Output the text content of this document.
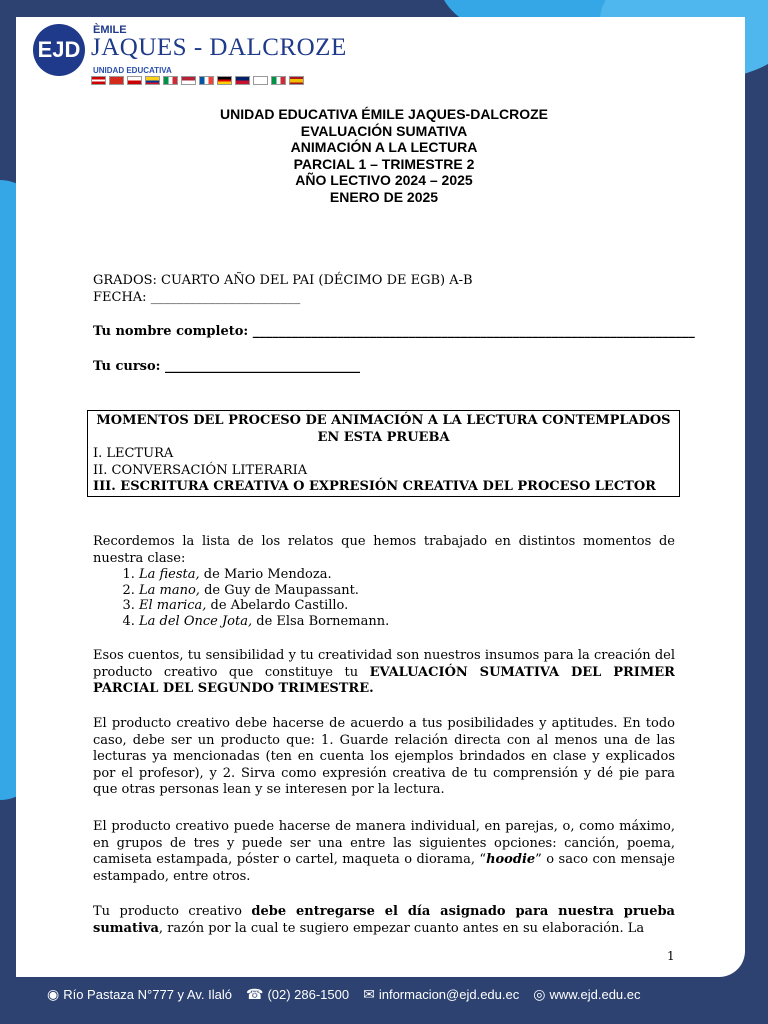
EJD
ÈMILE
JAQUES - DALCROZE
UNIDAD EDUCATIVA
UNIDAD EDUCATIVA ÉMILE JAQUES-DALCROZE
EVALUACIÓN SUMATIVA
ANIMACIÓN A LA LECTURA
PARCIAL 1 – TRIMESTRE 2
AÑO LECTIVO 2024 – 2025
ENERO DE 2025
GRADOS: CUARTO AÑO DEL PAI (DÉCIMO DE EGB) A-B
FECHA: _______________________
Tu nombre completo: ____________________________________________________________________
Tu curso: ______________________________
MOMENTOS DEL PROCESO DE ANIMACIÓN A LA LECTURA CONTEMPLADOS EN ESTA PRUEBA
I. LECTURA
II. CONVERSACIÓN LITERARIA
III. ESCRITURA CREATIVA O EXPRESIÓN CREATIVA DEL PROCESO LECTOR
Recordemos la lista de los relatos que hemos trabajado en distintos momentos de nuestra clase:
1. La fiesta, de Mario Mendoza.
2. La mano, de Guy de Maupassant.
3. El marica, de Abelardo Castillo.
4. La del Once Jota, de Elsa Bornemann.
Esos cuentos, tu sensibilidad y tu creatividad son nuestros insumos para la creación del producto creativo que constituye tu EVALUACIÓN SUMATIVA DEL PRIMER PARCIAL DEL SEGUNDO TRIMESTRE.
El producto creativo debe hacerse de acuerdo a tus posibilidades y aptitudes. En todo caso, debe ser un producto que: 1. Guarde relación directa con al menos una de las lecturas ya mencionadas (ten en cuenta los ejemplos brindados en clase y explicados por el profesor), y 2. Sirva como expresión creativa de tu comprensión y dé pie para que otras personas lean y se interesen por la lectura.
El producto creativo puede hacerse de manera individual, en parejas, o, como máximo, en grupos de tres y puede ser una entre las siguientes opciones: canción, poema, camiseta estampada, póster o cartel, maqueta o diorama, “hoodie” o saco con mensaje estampado, entre otros.
Tu producto creativo debe entregarse el día asignado para nuestra prueba sumativa, razón por la cual te sugiero empezar cuanto antes en su elaboración. La
1
◉ Río Pastaza N°777 y Av. Ilaló ☎ (02) 286-1500 ✉ informacion@ejd.edu.ec ◎ www.ejd.edu.ec
